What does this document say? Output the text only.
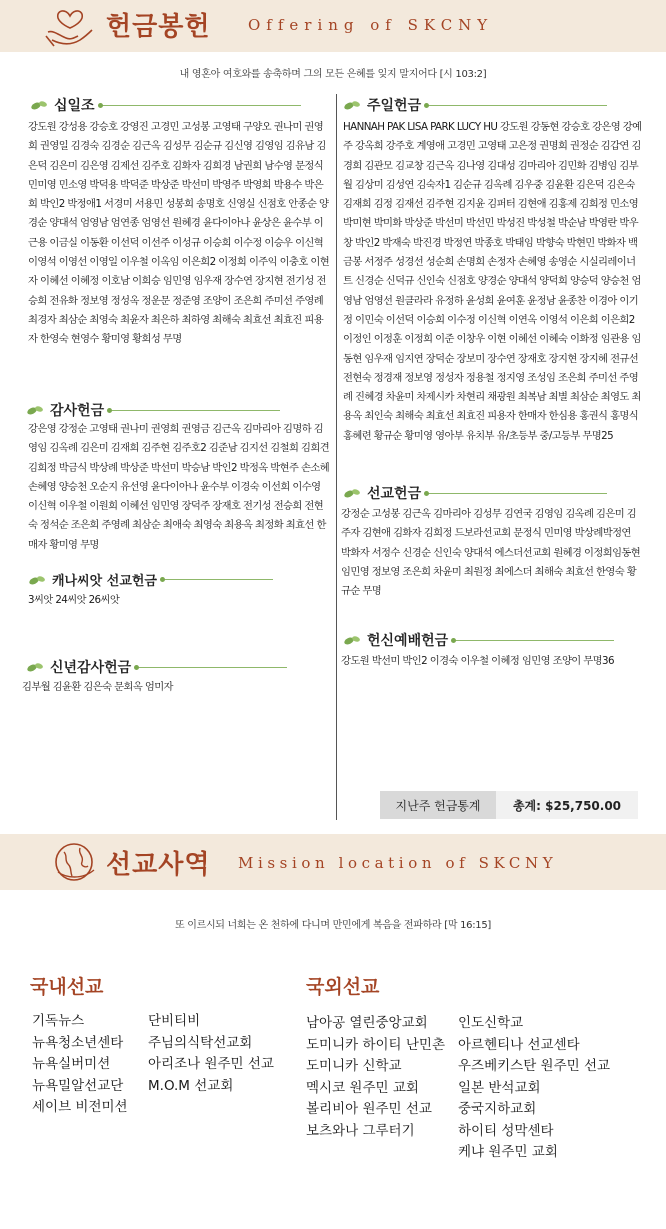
헌금봉헌	Offering of SKCNY
내 영혼아 여호와를 송축하며 그의 모든 은혜를 잊지 말지어다 [시 103:2]
십일조
강도원 강성용 강승호 강영진 고경민 고성봉 고영태 구양오 권나미 권영희 권영일 김경숙 김경순 김근옥 김성무 김순규 김신영 김영임 김유남 김은덕 김은미 김은영 김제선 김주호 김화자 김희경 남권희 남수영 문정식 민미영 민소영 박덕용 박덕준 박상준 박선미 박영주 박영희 박용수 박은희 박인2 박정애1 서경미 서용민 성봉희 송명호 신영실 신점호 안종순 양경순 양대석 엄영남 엄연종 엄영선 원혜경 윤다이아나 윤상은 윤수부 이근용 이금실 이동환 이선덕 이선주 이성규 이승희 이수정 이승우 이신혁 이영석 이영선 이영일 이우철 이옥임 이은희2 이정희 이주익 이충호 이현자 이혜선 이혜정 이호남 이희승 임민영 임우재 장수연 장지현 전기성 전승희 전유화 정보영 정성옥 정운문 정준영 조양이 조은희 주미선 주영례 최경자 최삼순 최영숙 최윤자 최은하 최하영 최해숙 최효선 최효진 피용자 한영숙 현영수 황미영 황희성 무명
감사헌금
강은영 강정순 고영태 권나미 권영희 권영금 김근옥 김마리아 김명하 김영임 김옥례 김은미 김재희 김주현 김주호2 김준남 김지선 김철희 김희견 김희정 박금식 박상례 박상준 박선미 박승남 박인2 박정옥 박현주 손소혜 손혜영 양승천 오순지 유선영 윤다이아나 윤수부 이경숙 이선희 이수영 이신혁 이우철 이원희 이혜선 임민영 장덕주 장재호 전기성 전승희 전현숙 정석순 조은희 주영례 최삼순 최애숙 최영숙 최용옥 최정화 최효선 한매자 황미영 무명
캐나씨앗 선교헌금
3씨앗 24씨앗 26씨앗
신년감사헌금
김부월 김윤환 김은숙 문회옥 엄미자
주일헌금
HANNAH PAK LISA PARK LUCY HU 강도원 강동현 강승호 강은영 강예주 강옥희 강주호 계영애 고경민 고영태 고은정 권명희 권정순 김갑연 김경희 김관모 김교창 김근옥 김나영 김대성 김마리아 김민화 김병임 김부월 김상미 김성연 김숙자1 김순규 김옥례 김우중 김윤환 김은덕 김은숙 김재희 김정 김재선 김주현 김지윤 김퍼터 김현애 김홍제 김희정 민소영 박미현 박미화 박상준 박선미 박선민 박성진 박성철 박순남 박영란 박우창 박인2 박재숙 박진경 박정연 박종호 박태임 박향숙 박현민 박화자 백금봉 서정주 성경선 성순희 손명희 손정자 손혜영 송영순 시실리레이너트 신경순 신덕규 신인숙 신점호 양경순 양대석 양덕희 양승덕 양승천 엄영남 엄영선 원클라라 유정하 윤성희 윤여훈 윤정남 윤종찬 이경아 이기정 이민숙 이선덕 이승희 이수정 이신혁 이연옥 이영석 이은희 이은희2 이정인 이정훈 이정희 이준 이창우 이현 이혜선 이혜숙 이화정 임관용 임동현 임우재 임지연 장덕순 장보미 장수연 장재호 장지현 장지혜 전규선 전현숙 정경재 정보영 정성자 정용철 정지영 조성임 조은희 주미선 주영례 진혜경 차윤미 차제시카 차현리 채광원 최복남 최별 최삼순 최영도 최용옥 최인숙 최해숙 최효선 최효진 피용자 한매자 한심용 홍권식 홍명식 홍혜련 황규순 황미영 영아부 유치부 유/초등부 중/고등부 무명25
선교헌금
강정순 고성봉 김근옥 김마리아 김성무 김연국 김영임 김옥례 김은미 김주자 김현애 김화자 김희정 드보라선교회 문정식 민미영 박상례박정연 박화자 서정수 신경순 신인숙 양대석 에스더선교회 원혜경 이정희임동현 임민영 정보영 조은희 차윤미 최원정 최에스더 최해숙 최효선 한영숙 황규순 무명
헌신예배헌금
강도원 박선미 박인2 이경숙 이우철 이혜정 임민영 조양이 무명36
지난주 헌금통계	총계: $25,750.00
선교사역 Mission location of SKCNY
또 이르시되 너희는 온 천하에 다니며 만민에게 복음을 전파하라 [막 16:15]
국내선교
기독뉴스
뉴욕청소년센타
뉴욕실버미션
뉴욕밀알선교단
세이브 비전미션
단비티비
주님의식탁선교회
아리조나 원주민 선교
M.O.M 선교회
국외선교
남아공 열린중앙교회
도미니카 하이티 난민촌
도미니카 신학교
멕시코 원주민 교회
볼리비아 원주민 선교
보츠와나 그루터기
인도신학교
아르헨티나 선교센타
우즈베키스탄 원주민 선교
일본 반석교회
중국지하교회
하이티 성막센타
케냐 원주민 교회
